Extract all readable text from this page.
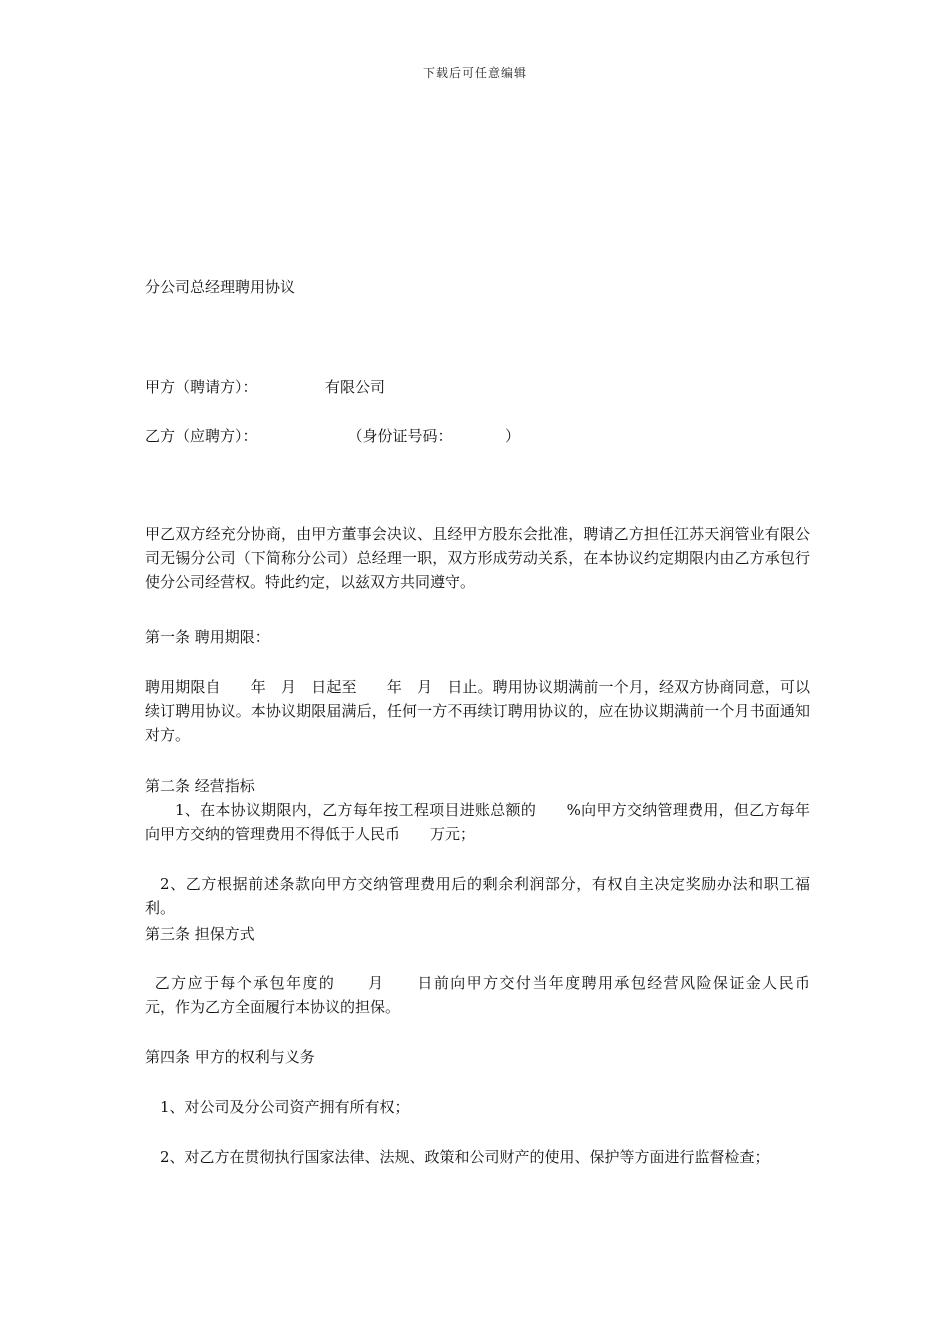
下载后可任意编辑
分公司总经理聘用协议
甲方（聘请方）：　　　　　有限公司
乙方（应聘方）：　　　　　　　（身份证号码：　　　　）
甲乙双方经充分协商，由甲方董事会决议、且经甲方股东会批准，聘请乙方担任江苏天润管业有限公司无锡分公司（下简称分公司）总经理一职，双方形成劳动关系，在本协议约定期限内由乙方承包行使分公司经营权。特此约定，以兹双方共同遵守。
第一条 聘用期限：
聘用期限自　　年　月　日起至　　年　月　日止。聘用协议期满前一个月，经双方协商同意，可以续订聘用协议。本协议期限届满后，任何一方不再续订聘用协议的，应在协议期满前一个月书面通知对方。
第二条 经营指标
1、在本协议期限内，乙方每年按工程项目进账总额的　　%向甲方交纳管理费用，但乙方每年向甲方交纳的管理费用不得低于人民币　　万元；
2、乙方根据前述条款向甲方交纳管理费用后的剩余利润部分，有权自主决定奖励办法和职工福利。
第三条 担保方式
乙方应于每个承包年度的　　月　　日前向甲方交付当年度聘用承包经营风险保证金人民币　　元，作为乙方全面履行本协议的担保。
第四条 甲方的权利与义务
1、对公司及分公司资产拥有所有权；
2、对乙方在贯彻执行国家法律、法规、政策和公司财产的使用、保护等方面进行监督检查；
